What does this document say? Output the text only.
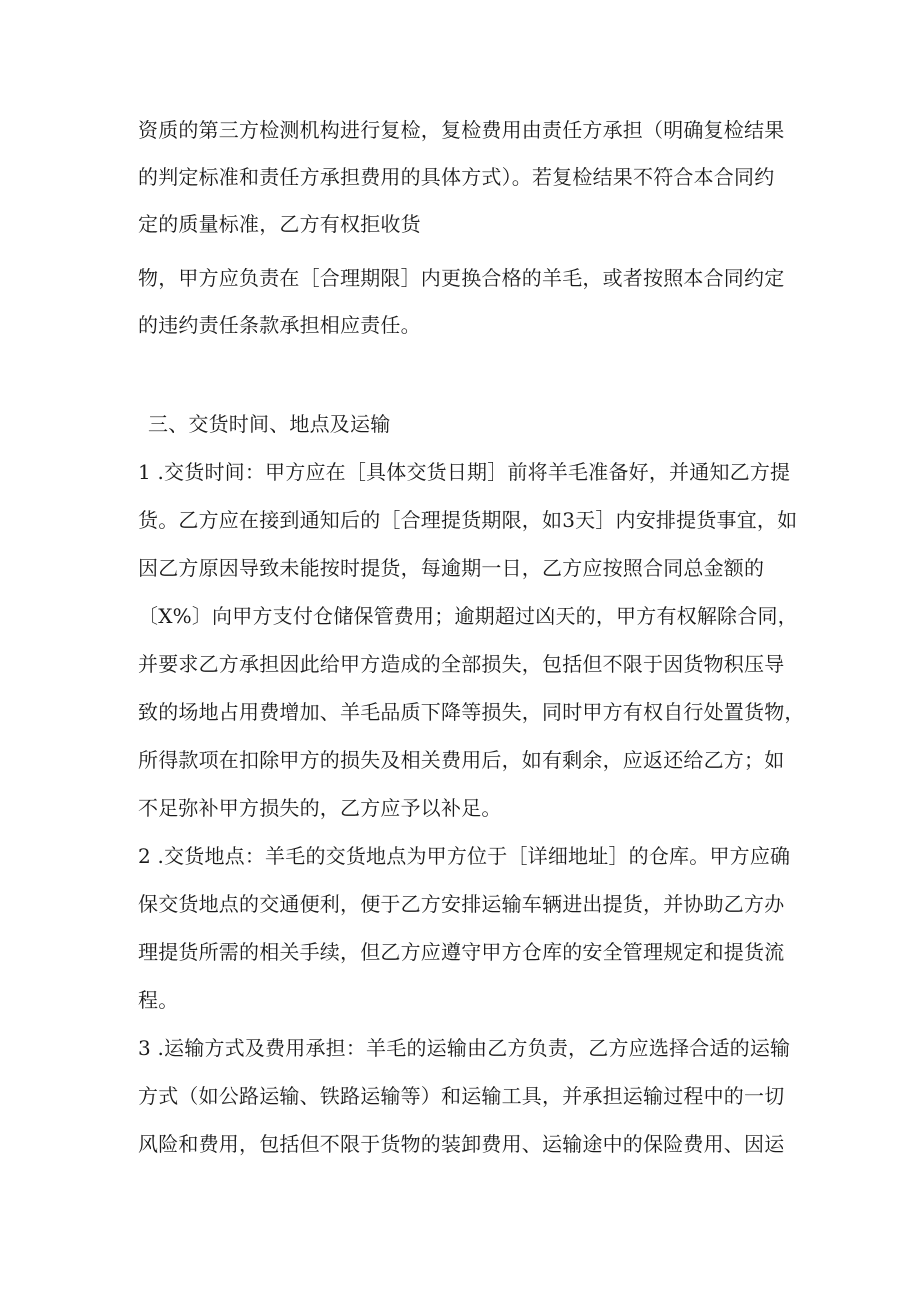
资质的第三方检测机构进行复检，复检费用由责任方承担（明确复检结果
的判定标准和责任方承担费用的具体方式）。若复检结果不符合本合同约
定的质量标准，乙方有权拒收货
物，甲方应负责在［合理期限］内更换合格的羊毛，或者按照本合同约定
的违约责任条款承担相应责任。
三、交货时间、地点及运输
1 .交货时间：甲方应在［具体交货日期］前将羊毛准备好，并通知乙方提
货。乙方应在接到通知后的［合理提货期限，如3天］内安排提货事宜，如
因乙方原因导致未能按时提货，每逾期一日，乙方应按照合同总金额的
〔X%〕向甲方支付仓储保管费用；逾期超过凶天的，甲方有权解除合同，
并要求乙方承担因此给甲方造成的全部损失，包括但不限于因货物积压导
致的场地占用费增加、羊毛品质下降等损失，同时甲方有权自行处置货物，
所得款项在扣除甲方的损失及相关费用后，如有剩余，应返还给乙方；如
不足弥补甲方损失的，乙方应予以补足。
2 .交货地点：羊毛的交货地点为甲方位于［详细地址］的仓库。甲方应确
保交货地点的交通便利，便于乙方安排运输车辆进出提货，并协助乙方办
理提货所需的相关手续，但乙方应遵守甲方仓库的安全管理规定和提货流
程。
3 .运输方式及费用承担：羊毛的运输由乙方负责，乙方应选择合适的运输
方式（如公路运输、铁路运输等）和运输工具，并承担运输过程中的一切
风险和费用，包括但不限于货物的装卸费用、运输途中的保险费用、因运
